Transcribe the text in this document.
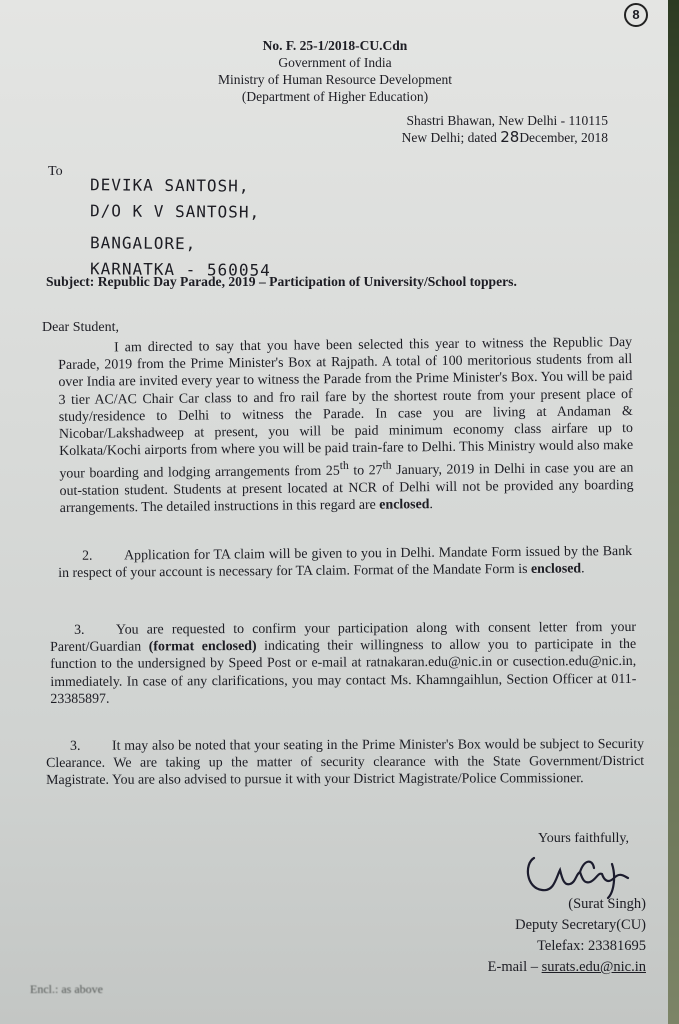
8
No. F. 25-1/2018-CU.Cdn
Government of India
Ministry of Human Resource Development
(Department of Higher Education)
Shastri Bhawan, New Delhi - 110115
New Delhi; dated 28December, 2018
To
DEVIKA SANTOSH,
D/O K V SANTOSH,
BANGALORE,
KARNATKA - 560054
Subject: Republic Day Parade, 2019 – Participation of University/School toppers.
Dear Student,
I am directed to say that you have been selected this year to witness the Republic Day Parade, 2019 from the Prime Minister's Box at Rajpath. A total of 100 meritorious students from all over India are invited every year to witness the Parade from the Prime Minister's Box. You will be paid 3 tier AC/AC Chair Car class to and fro rail fare by the shortest route from your present place of study/residence to Delhi to witness the Parade. In case you are living at Andaman & Nicobar/Lakshadweep at present, you will be paid minimum economy class airfare up to Kolkata/Kochi airports from where you will be paid train-fare to Delhi. This Ministry would also make your boarding and lodging arrangements from 25th to 27th January, 2019 in Delhi in case you are an out-station student. Students at present located at NCR of Delhi will not be provided any boarding arrangements. The detailed instructions in this regard are enclosed.
2. Application for TA claim will be given to you in Delhi. Mandate Form issued by the Bank in respect of your account is necessary for TA claim. Format of the Mandate Form is enclosed.
3. You are requested to confirm your participation along with consent letter from your Parent/Guardian (format enclosed) indicating their willingness to allow you to participate in the function to the undersigned by Speed Post or e-mail at ratnakaran.edu@nic.in or cusection.edu@nic.in, immediately. In case of any clarifications, you may contact Ms. Khamngaihlun, Section Officer at 011-23385897.
3. It may also be noted that your seating in the Prime Minister's Box would be subject to Security Clearance. We are taking up the matter of security clearance with the State Government/District Magistrate. You are also advised to pursue it with your District Magistrate/Police Commissioner.
Yours faithfully,
(Surat Singh)
Deputy Secretary(CU)
Telefax: 23381695
E-mail – surats.edu@nic.in
Encl.: as above
